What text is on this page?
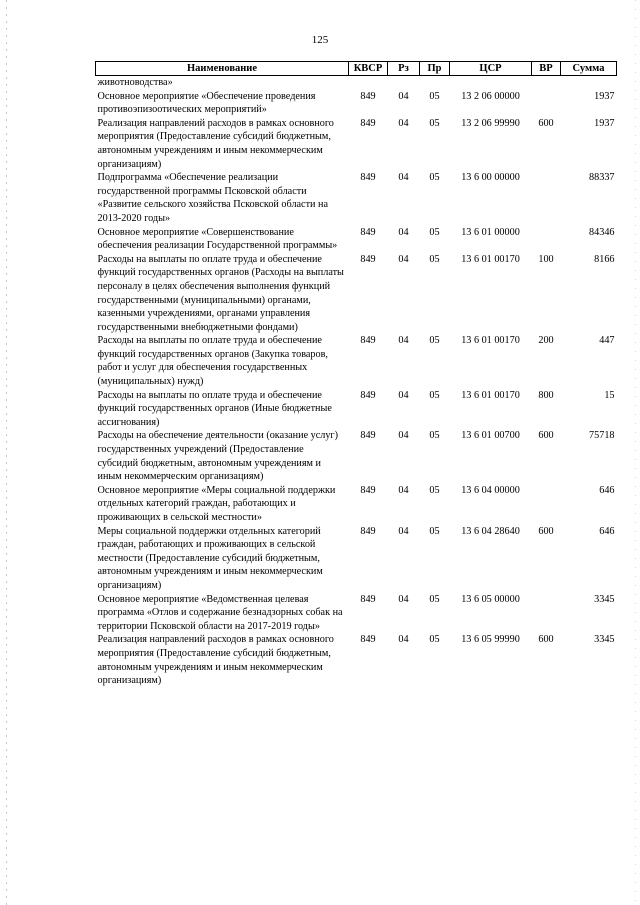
125
Наименование	КВСР	Рз	Пр	ЦСР	ВР	Сумма
животноводства»						
Основное мероприятие «Обеспечение проведения противоэпизоотических мероприятий»	849	04	05	13 2 06 00000		1937
Реализация направлений расходов в рамках основного мероприятия (Предоставление субсидий бюджетным, автономным учреждениям и иным некоммерческим организациям)	849	04	05	13 2 06 99990	600	1937
Подпрограмма «Обеспечение реализации государственной программы Псковской области «Развитие сельского хозяйства Псковской области на 2013-2020 годы»	849	04	05	13 6 00 00000		88337
Основное мероприятие «Совершенствование обеспечения реализации Государственной программы»	849	04	05	13 6 01 00000		84346
Расходы на выплаты по оплате труда и обеспечение функций государственных органов (Расходы на выплаты персоналу в целях обеспечения выполнения функций государственными (муниципальными) органами, казенными учреждениями, органами управления государственными внебюджетными фондами)	849	04	05	13 6 01 00170	100	8166
Расходы на выплаты по оплате труда и обеспечение функций государственных органов (Закупка товаров, работ и услуг для обеспечения государственных (муниципальных) нужд)	849	04	05	13 6 01 00170	200	447
Расходы на выплаты по оплате труда и обеспечение функций государственных органов (Иные бюджетные ассигнования)	849	04	05	13 6 01 00170	800	15
Расходы на обеспечение деятельности (оказание услуг) государственных учреждений (Предоставление субсидий бюджетным, автономным учреждениям и иным некоммерческим организациям)	849	04	05	13 6 01 00700	600	75718
Основное мероприятие «Меры социальной поддержки отдельных категорий граждан, работающих и проживающих в сельской местности»	849	04	05	13 6 04 00000		646
Меры социальной поддержки отдельных категорий граждан, работающих и проживающих в сельской местности (Предоставление субсидий бюджетным, автономным учреждениям и иным некоммерческим организациям)	849	04	05	13 6 04 28640	600	646
Основное мероприятие «Ведомственная целевая программа «Отлов и содержание безнадзорных собак на территории Псковской области на 2017-2019 годы»	849	04	05	13 6 05 00000		3345
Реализация направлений расходов в рамках основного мероприятия (Предоставление субсидий бюджетным, автономным учреждениям и иным некоммерческим организациям)	849	04	05	13 6 05 99990	600	3345
